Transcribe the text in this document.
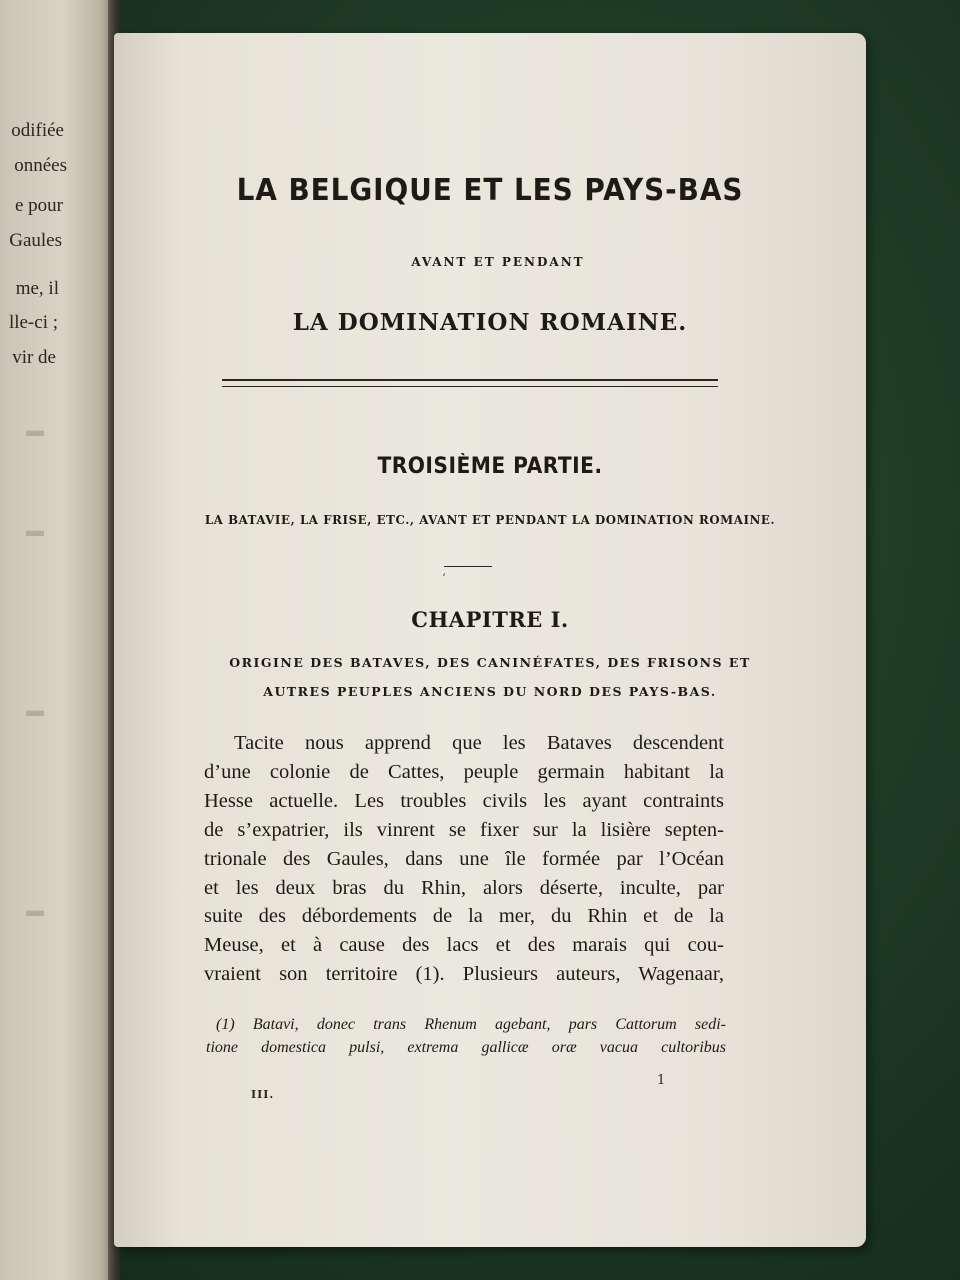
odifiée
onnées
e pour
Gaules
me, il
lle-ci ;
vir de
▬
▬
▬
▬
LA BELGIQUE ET LES PAYS-BAS
AVANT ET PENDANT
LA DOMINATION ROMAINE.
TROISIÈME PARTIE.
LA BATAVIE, LA FRISE, ETC., AVANT ET PENDANT LA DOMINATION ROMAINE.
‘
CHAPITRE I.
ORIGINE DES BATAVES, DES CANINÉFATES, DES FRISONS ET
AUTRES PEUPLES ANCIENS DU NORD DES PAYS-BAS.
Tacite nous apprend que les Bataves descendent
d’une colonie de Cattes, peuple germain habitant la
Hesse actuelle. Les troubles civils les ayant contraints
de s’expatrier, ils vinrent se fixer sur la lisière septen-
trionale des Gaules, dans une île formée par l’Océan
et les deux bras du Rhin, alors déserte, inculte, par
suite des débordements de la mer, du Rhin et de la
Meuse, et à cause des lacs et des marais qui cou-
vraient son territoire (1). Plusieurs auteurs, Wagenaar,
(1) Batavi, donec trans Rhenum agebant, pars Cattorum sedi-
tione domestica pulsi, extrema gallicæ oræ vacua cultoribus
III.
1
